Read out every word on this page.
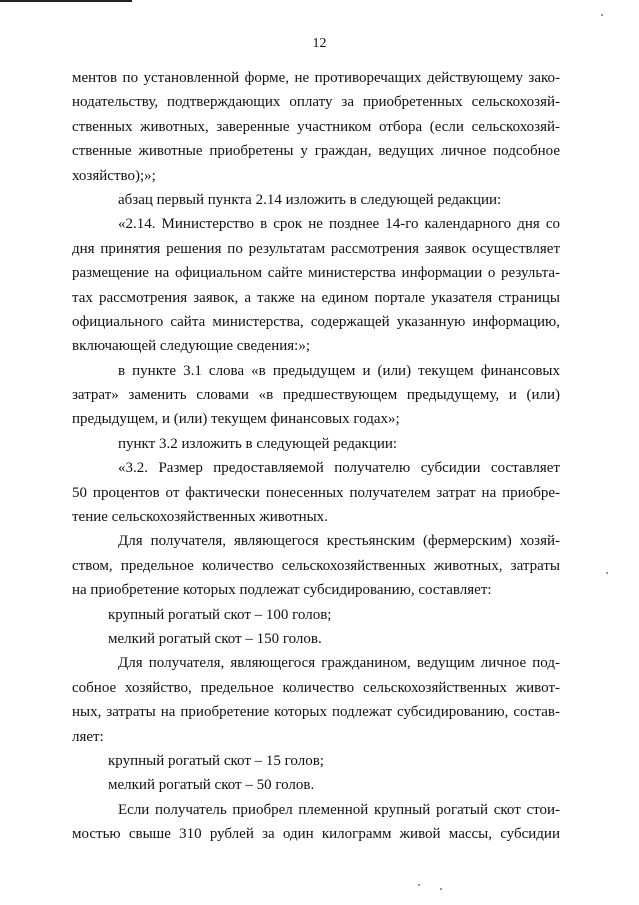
12
ментов по установленной форме, не противоречащих действующему зако-
нодательству, подтверждающих оплату за приобретенных сельскохозяй-
ственных животных, заверенные участником отбора (если сельскохозяй-
ственные животные приобретены у граждан, ведущих личное подсобное
хозяйство);»;
абзац первый пункта 2.14 изложить в следующей редакции:
«2.14. Министерство в срок не позднее 14-го календарного дня со
дня принятия решения по результатам рассмотрения заявок осуществляет
размещение на официальном сайте министерства информации о результа-
тах рассмотрения заявок, а также на едином портале указателя страницы
официального сайта министерства, содержащей указанную информацию,
включающей следующие сведения:»;
в пункте 3.1 слова «в предыдущем и (или) текущем финансовых
затрат» заменить словами «в предшествующем предыдущему, и (или)
предыдущем, и (или) текущем финансовых годах»;
пункт 3.2 изложить в следующей редакции:
«3.2. Размер предоставляемой получателю субсидии составляет
50 процентов от фактически понесенных получателем затрат на приобре-
тение сельскохозяйственных животных.
Для получателя, являющегося крестьянским (фермерским) хозяй-
ством, предельное количество сельскохозяйственных животных, затраты
на приобретение которых подлежат субсидированию, составляет:
крупный рогатый скот – 100 голов;
мелкий рогатый скот – 150 голов.
Для получателя, являющегося гражданином, ведущим личное под-
собное хозяйство, предельное количество сельскохозяйственных живот-
ных, затраты на приобретение которых подлежат субсидированию, состав-
ляет:
крупный рогатый скот – 15 голов;
мелкий рогатый скот – 50 голов.
Если получатель приобрел племенной крупный рогатый скот стои-
мостью свыше 310 рублей за один килограмм живой массы, субсидии
